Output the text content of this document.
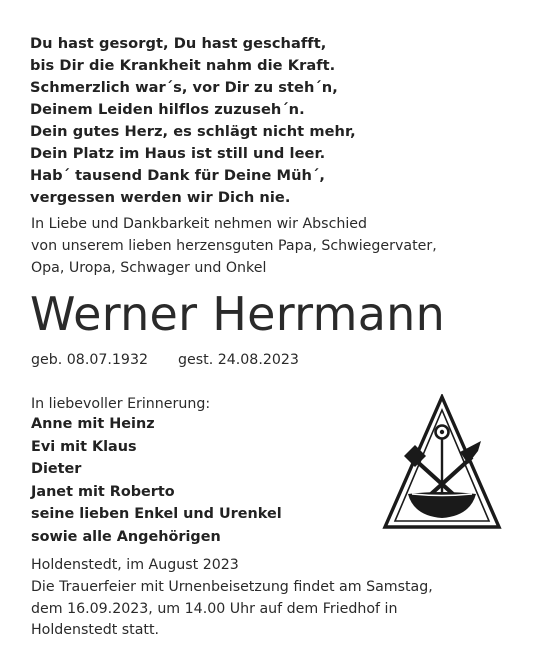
Du hast gesorgt, Du hast geschafft,
bis Dir die Krankheit nahm die Kraft.
Schmerzlich war´s, vor Dir zu steh´n,
Deinem Leiden hilflos zuzuseh´n.
Dein gutes Herz, es schlägt nicht mehr,
Dein Platz im Haus ist still und leer.
Hab´ tausend Dank für Deine Müh´,
vergessen werden wir Dich nie.
In Liebe und Dankbarkeit nehmen wir Abschied
von unserem lieben herzensguten Papa, Schwiegervater,
Opa, Uropa, Schwager und Onkel
Werner Herrmann
geb. 08.07.1932 gest. 24.08.2023
In liebevoller Erinnerung:
Anne mit Heinz
Evi mit Klaus
Dieter
Janet mit Roberto
seine lieben Enkel und Urenkel
sowie alle Angehörigen
Holdenstedt, im August 2023
Die Trauerfeier mit Urnenbeisetzung findet am Samstag,
dem 16.09.2023, um 14.00 Uhr auf dem Friedhof in
Holdenstedt statt.
